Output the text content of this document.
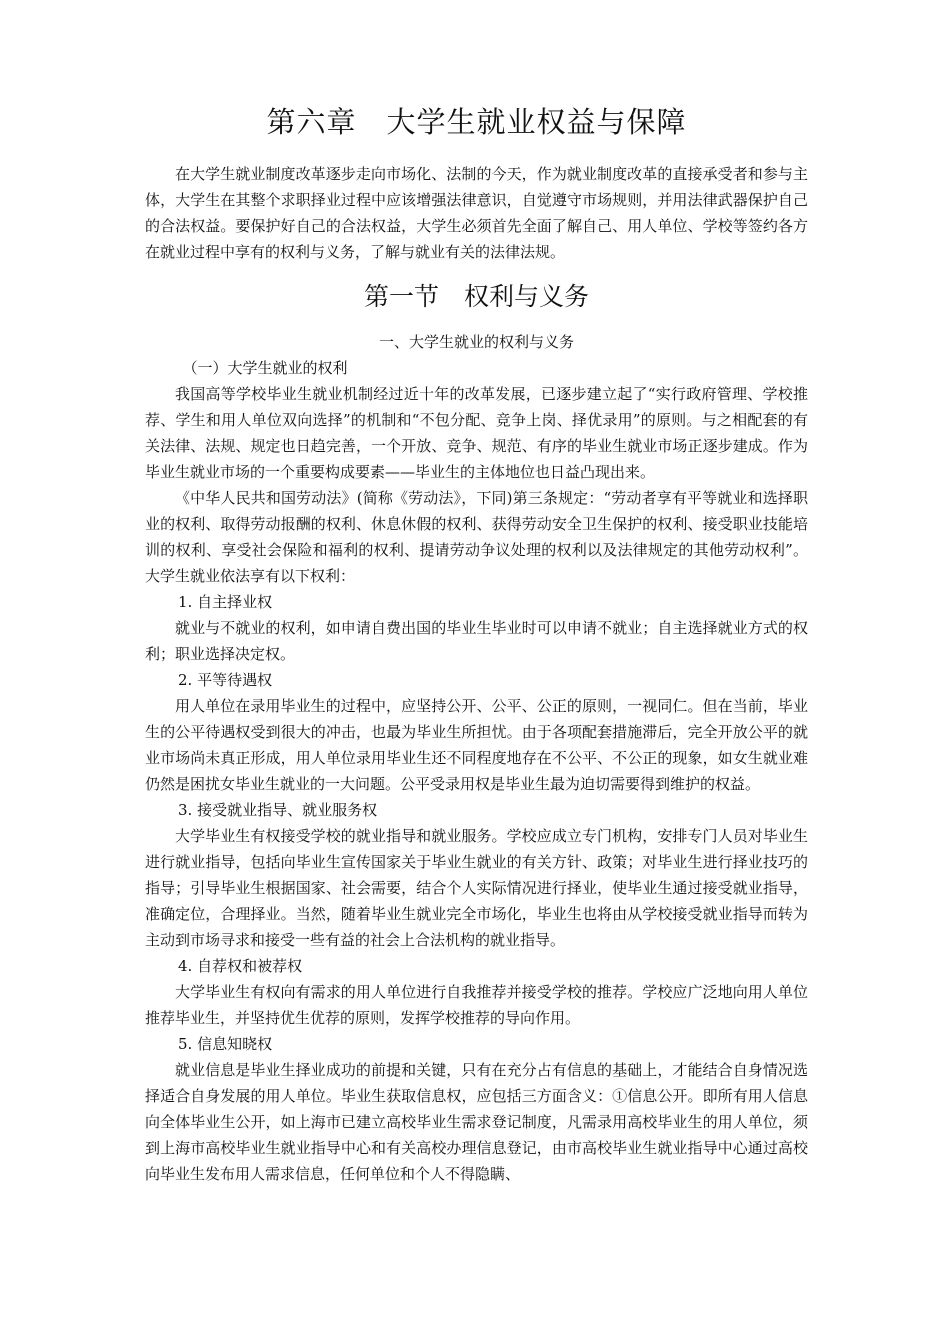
第六章　大学生就业权益与保障

在大学生就业制度改革逐步走向市场化、法制的今天，作为就业制度改革的直接承受者和参与主体，大学生在其整个求职择业过程中应该增强法律意识，自觉遵守市场规则，并用法律武器保护自己的合法权益。要保护好自己的合法权益，大学生必须首先全面了解自己、用人单位、学校等签约各方在就业过程中享有的权利与义务，了解与就业有关的法律法规。

第一节　权利与义务
一、大学生就业的权利与义务
（一）大学生就业的权利

我国高等学校毕业生就业机制经过近十年的改革发展，已逐步建立起了“实行政府管理、学校推荐、学生和用人单位双向选择”的机制和“不包分配、竞争上岗、择优录用”的原则。与之相配套的有关法律、法规、规定也日趋完善，一个开放、竞争、规范、有序的毕业生就业市场正逐步建成。作为毕业生就业市场的一个重要构成要素——毕业生的主体地位也日益凸现出来。

《中华人民共和国劳动法》(简称《劳动法》，下同)第三条规定：“劳动者享有平等就业和选择职业的权利、取得劳动报酬的权利、休息休假的权利、获得劳动安全卫生保护的权利、接受职业技能培训的权利、享受社会保险和福利的权利、提请劳动争议处理的权利以及法律规定的其他劳动权利”。大学生就业依法享有以下权利：

1. 自主择业权

就业与不就业的权利，如申请自费出国的毕业生毕业时可以申请不就业；自主选择就业方式的权利；职业选择决定权。

2. 平等待遇权

用人单位在录用毕业生的过程中，应坚持公开、公平、公正的原则，一视同仁。但在当前，毕业生的公平待遇权受到很大的冲击，也最为毕业生所担忧。由于各项配套措施滞后，完全开放公平的就业市场尚未真正形成，用人单位录用毕业生还不同程度地存在不公平、不公正的现象，如女生就业难仍然是困扰女毕业生就业的一大问题。公平受录用权是毕业生最为迫切需要得到维护的权益。

3. 接受就业指导、就业服务权

大学毕业生有权接受学校的就业指导和就业服务。学校应成立专门机构，安排专门人员对毕业生进行就业指导，包括向毕业生宣传国家关于毕业生就业的有关方针、政策；对毕业生进行择业技巧的指导；引导毕业生根据国家、社会需要，结合个人实际情况进行择业，使毕业生通过接受就业指导，准确定位，合理择业。当然，随着毕业生就业完全市场化，毕业生也将由从学校接受就业指导而转为主动到市场寻求和接受一些有益的社会上合法机构的就业指导。

4. 自荐权和被荐权

大学毕业生有权向有需求的用人单位进行自我推荐并接受学校的推荐。学校应广泛地向用人单位推荐毕业生，并坚持优生优荐的原则，发挥学校推荐的导向作用。

5. 信息知晓权

就业信息是毕业生择业成功的前提和关键，只有在充分占有信息的基础上，才能结合自身情况选择适合自身发展的用人单位。毕业生获取信息权，应包括三方面含义：①信息公开。即所有用人信息向全体毕业生公开，如上海市已建立高校毕业生需求登记制度，凡需录用高校毕业生的用人单位，须到上海市高校毕业生就业指导中心和有关高校办理信息登记，由市高校毕业生就业指导中心通过高校向毕业生发布用人需求信息，任何单位和个人不得隐瞒、
